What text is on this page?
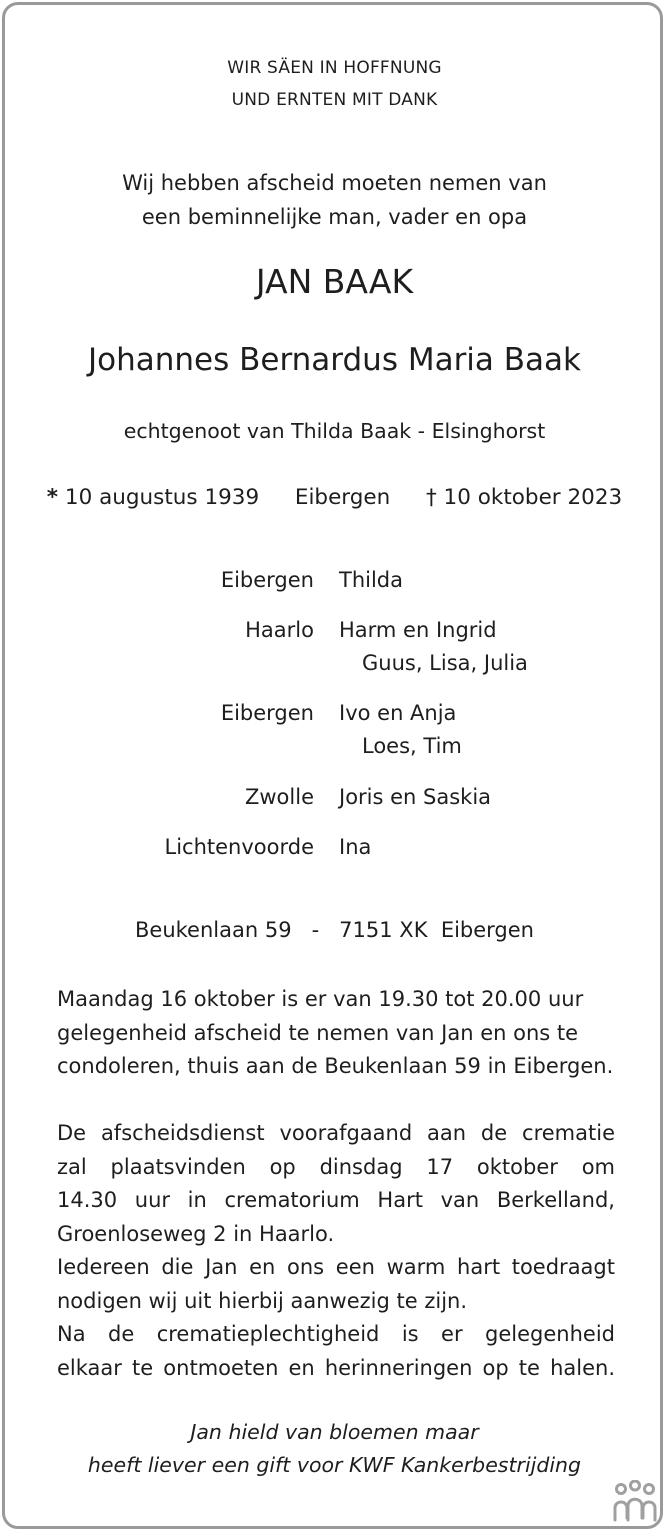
WIR SÄEN IN HOFFNUNG
UND ERNTEN MIT DANK
Wij hebben afscheid moeten nemen van
een beminnelijke man, vader en opa
JAN BAAK
Johannes Bernardus Maria Baak
echtgenoot van Thilda Baak - Elsinghorst
* 10 augustus 1939 Eibergen † 10 oktober 2023
Eibergen Thilda
Haarlo Harm en Ingrid
Guus, Lisa, Julia
Eibergen Ivo en Anja
Loes, Tim
Zwolle Joris en Saskia
Lichtenvoorde Ina
Beukenlaan 59   -   7151 XK  Eibergen
Maandag 16 oktober is er van 19.30 tot 20.00 uur
gelegenheid afscheid te nemen van Jan en ons te
condoleren, thuis aan de Beukenlaan 59 in Eibergen.
De afscheidsdienst voorafgaand aan de crematie
zal plaatsvinden op dinsdag 17 oktober om
14.30 uur in crematorium Hart van Berkelland,
Groenloseweg 2 in Haarlo.
Iedereen die Jan en ons een warm hart toedraagt
nodigen wij uit hierbij aanwezig te zijn.
Na de crematieplechtigheid is er gelegenheid
elkaar te ontmoeten en herinneringen op te halen.
Jan hield van bloemen maar
heeft liever een gift voor KWF Kankerbestrijding
